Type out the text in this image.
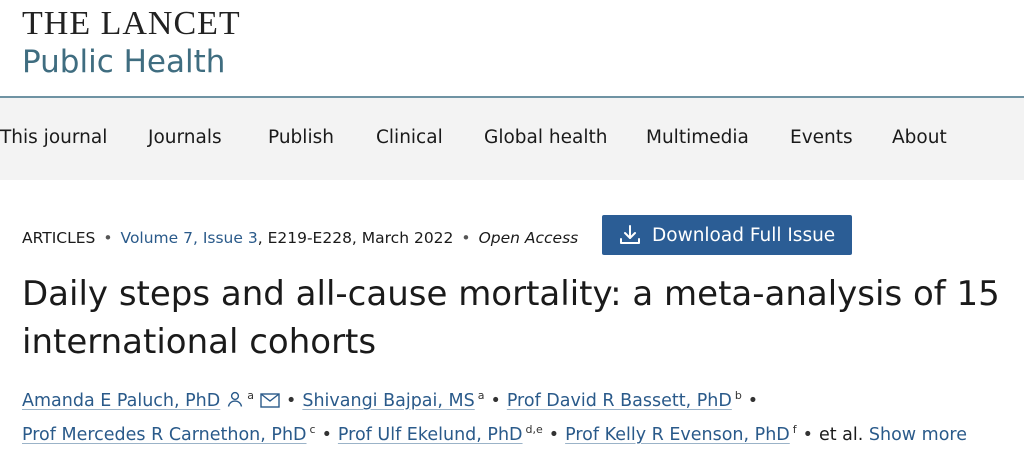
THE LANCET
Public Health
This journal Journals	Publish Clinical Global health Multimedia Events About
ARTICLES • Volume 7, Issue 3, E219-E228, March 2022 • Open Access	Download Full Issue
Daily steps and all-cause mortality: a meta-analysis of 15 international cohorts
Amanda E Paluch, PhD $^a$ • Shivangi Bajpai, MS $^a$ • Prof David R Bassett, PhD $^b$ •
Prof Mercedes R Carnethon, PhD $^c$ • Prof Ulf Ekelund, PhD $^{d,e}$ • Prof Kelly R Evenson, PhD $^f$ • et al. Show more
